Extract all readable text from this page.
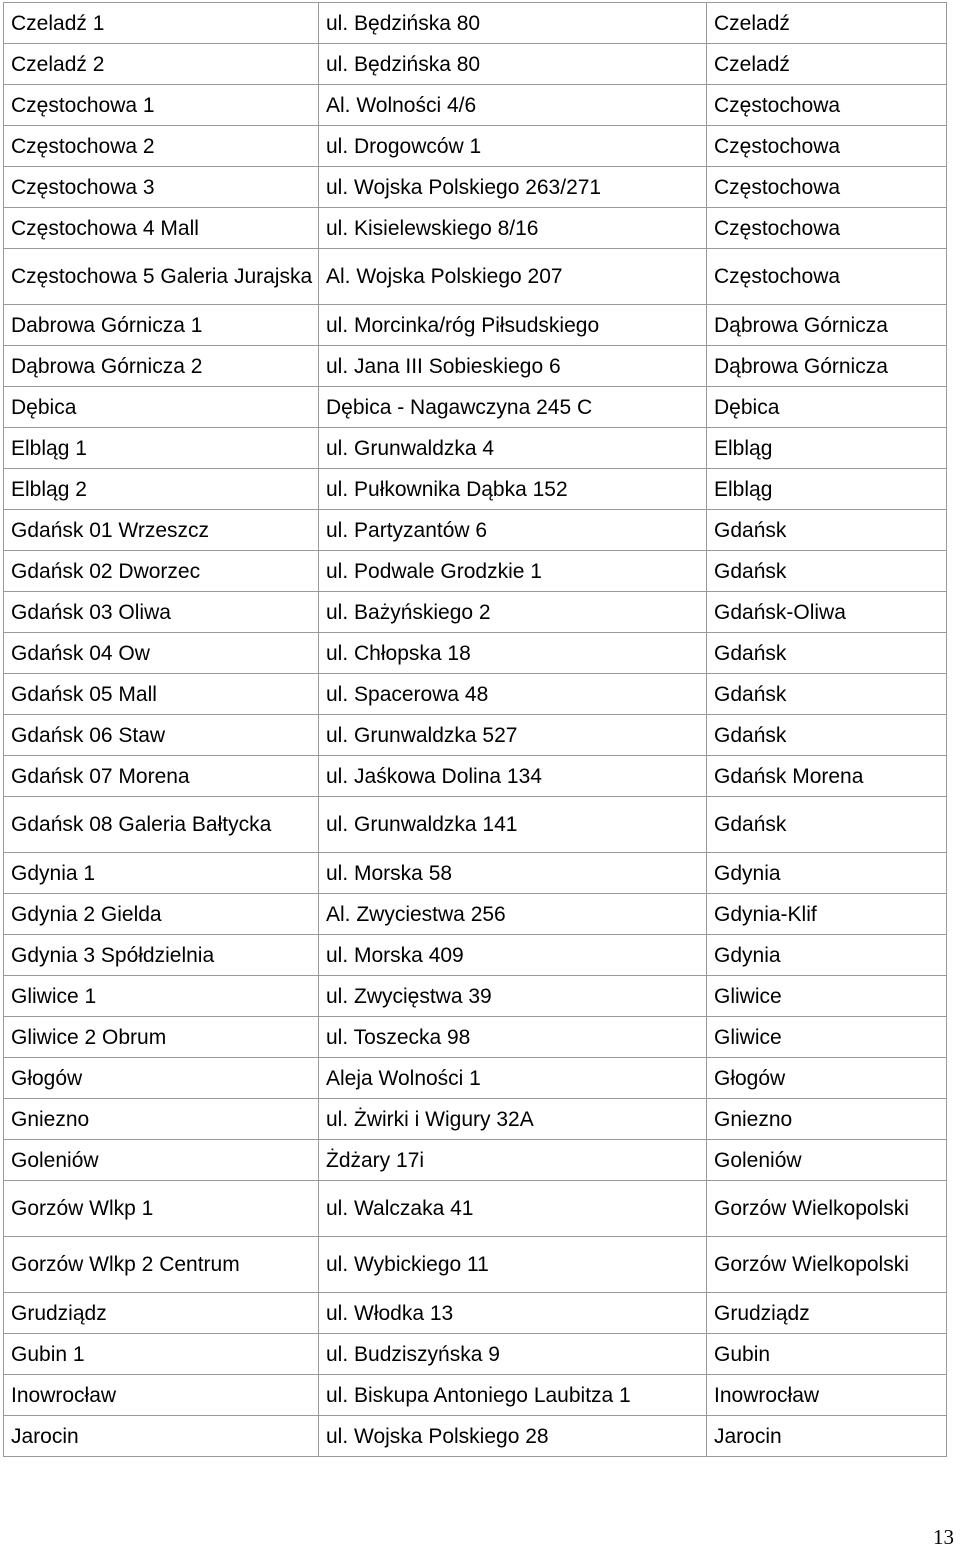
Czeladź 1	ul. Będzińska 80	Czeladź
Czeladź 2	ul. Będzińska 80	Czeladź
Częstochowa 1	Al. Wolności 4/6	Częstochowa
Częstochowa 2	ul. Drogowców 1	Częstochowa
Częstochowa 3	ul. Wojska Polskiego 263/271	Częstochowa
Częstochowa 4 Mall	ul. Kisielewskiego 8/16	Częstochowa
Częstochowa 5 Galeria Jurajska	Al. Wojska Polskiego 207	Częstochowa
Dabrowa Górnicza 1	ul. Morcinka/róg Piłsudskiego	Dąbrowa Górnicza
Dąbrowa Górnicza 2	ul. Jana III Sobieskiego 6	Dąbrowa Górnicza
Dębica	Dębica - Nagawczyna 245 C	Dębica
Elbląg 1	ul. Grunwaldzka 4	Elbląg
Elbląg 2	ul. Pułkownika Dąbka 152	Elbląg
Gdańsk 01 Wrzeszcz	ul. Partyzantów 6	Gdańsk
Gdańsk 02 Dworzec	ul. Podwale Grodzkie 1	Gdańsk
Gdańsk 03 Oliwa	ul. Bażyńskiego 2	Gdańsk-Oliwa
Gdańsk 04 Ow	ul. Chłopska 18	Gdańsk
Gdańsk 05 Mall	ul. Spacerowa 48	Gdańsk
Gdańsk 06 Staw	ul. Grunwaldzka 527	Gdańsk
Gdańsk 07 Morena	ul. Jaśkowa Dolina 134	Gdańsk Morena
Gdańsk 08 Galeria Bałtycka	ul. Grunwaldzka 141	Gdańsk
Gdynia 1	ul. Morska 58	Gdynia
Gdynia 2 Gielda	Al. Zwyciestwa 256	Gdynia-Klif
Gdynia 3 Spółdzielnia	ul. Morska 409	Gdynia
Gliwice 1	ul. Zwycięstwa 39	Gliwice
Gliwice 2 Obrum	ul. Toszecka 98	Gliwice
Głogów	Aleja Wolności 1	Głogów
Gniezno	ul. Żwirki i Wigury 32A	Gniezno
Goleniów	Żdżary 17i	Goleniów
Gorzów Wlkp 1	ul. Walczaka 41	Gorzów Wielkopolski
Gorzów Wlkp 2 Centrum	ul. Wybickiego 11	Gorzów Wielkopolski
Grudziądz	ul. Włodka 13	Grudziądz
Gubin 1	ul. Budziszyńska 9	Gubin
Inowrocław	ul. Biskupa Antoniego Laubitza 1	Inowrocław
Jarocin	ul. Wojska Polskiego 28	Jarocin
13
